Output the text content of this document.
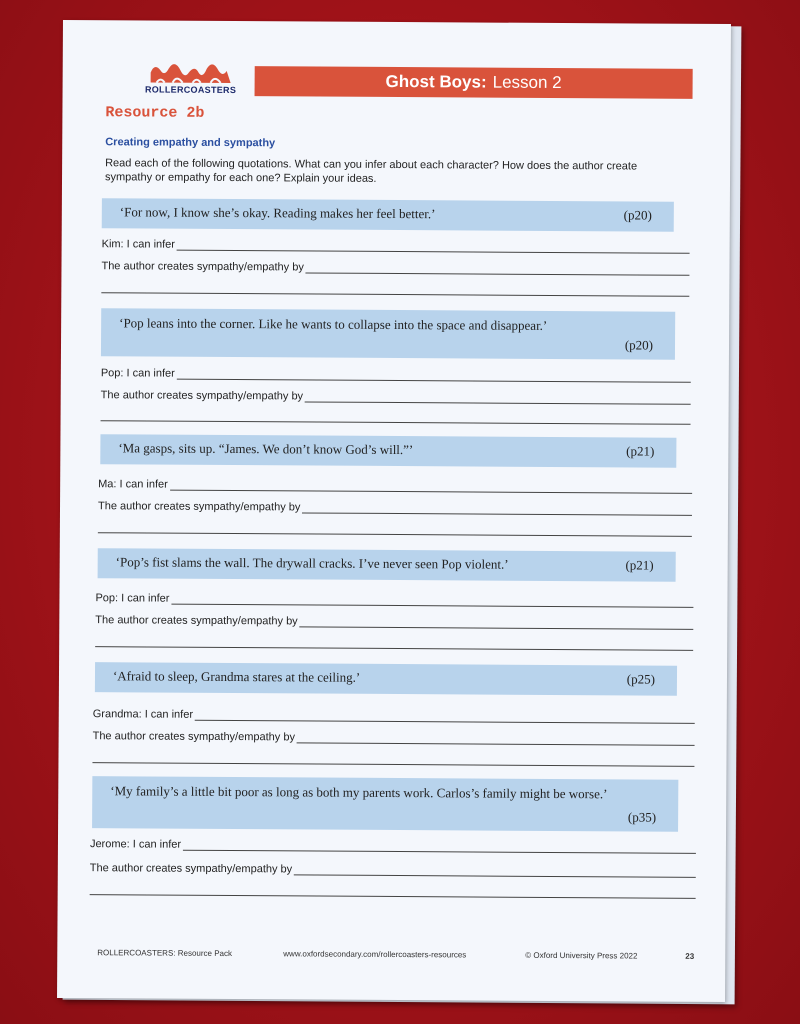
ROLLERCOASTERS	Ghost Boys: Lesson 2
Resource 2b
Creating empathy and sympathy
Read each of the following quotations. What can you infer about each character? How does the author create sympathy or empathy for each one? Explain your ideas.
‘For now, I know she’s okay. Reading makes her feel better.’	(p20)
Kim: I can infer
The author creates sympathy/empathy by
‘Pop leans into the corner. Like he wants to collapse into the space and disappear.’
(p20)
Pop: I can infer
The author creates sympathy/empathy by
‘Ma gasps, sits up. “James. We don’t know God’s will.”’	(p21)
Ma: I can infer
The author creates sympathy/empathy by
‘Pop’s fist slams the wall. The drywall cracks. I’ve never seen Pop violent.’	(p21)
Pop: I can infer
The author creates sympathy/empathy by
‘Afraid to sleep, Grandma stares at the ceiling.’	(p25)
Grandma: I can infer
The author creates sympathy/empathy by
‘My family’s a little bit poor as long as both my parents work. Carlos’s family might be worse.’
(p35)
Jerome: I can infer
The author creates sympathy/empathy by
ROLLERCOASTERS: Resource Pack	www.oxfordsecondary.com/rollercoasters-resources	© Oxford University Press 2022	23
